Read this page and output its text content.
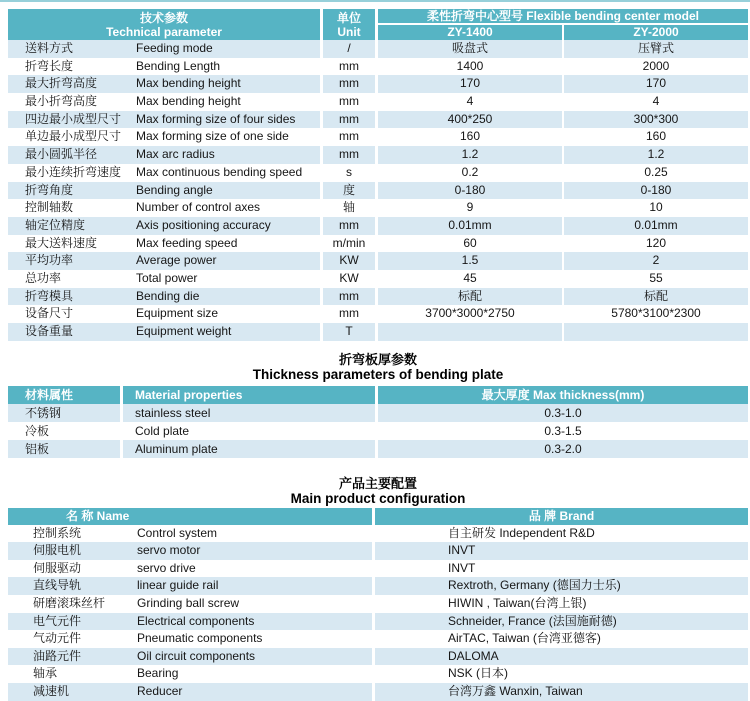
技术参数
Technical parameter
单位
Unit
柔性折弯中心型号 Flexible bending center model
ZY-1400	ZY-2000
送料方式	Feeding mode	/	吸盘式	压臂式
折弯长度	Bending Length	mm	1400	2000
最大折弯高度	Max bending height	mm	170	170
最小折弯高度	Max bending height	mm	4	4
四边最小成型尺寸	Max forming size of four sides	mm	400*250	300*300
单边最小成型尺寸	Max forming size of one side	mm	160	160
最小圆弧半径	Max arc radius	mm	1.2	1.2
最小连续折弯速度	Max continuous bending speed	s	0.2	0.25
折弯角度	Bending angle	度	0-180	0-180
控制轴数	Number of control axes	轴	9	10
轴定位精度	Axis positioning accuracy	mm	0.01mm	0.01mm
最大送料速度	Max feeding speed	m/min	60	120
平均功率	Average power	KW	1.5	2
总功率	Total power	KW	45	55
折弯模具	Bending die	mm	标配	标配
设备尺寸	Equipment size	mm	3700*3000*2750	5780*3100*2300
设备重量	Equipment weight	T
折弯板厚参数
Thickness parameters of bending plate
材料属性	Material properties	最大厚度 Max thickness(mm)
不锈钢	stainless steel	0.3-1.0
冷板	Cold plate	0.3-1.5
铝板	Aluminum plate	0.3-2.0
产品主要配置
Main product configuration
名 称 Name	品 牌 Brand
控制系统	Control system	自主研发 Independent R&D
伺服电机	servo motor	INVT
伺服驱动	servo drive	INVT
直线导轨	linear guide rail	Rextroth, Germany (德国力士乐)
研磨滚珠丝杆	Grinding ball screw	HIWIN , Taiwan(台湾上银)
电气元件	Electrical components	Schneider, France (法国施耐德)
气动元件	Pneumatic components	AirTAC, Taiwan (台湾亚德客)
油路元件	Oil circuit components	DALOMA
轴承	Bearing	NSK (日本)
减速机	Reducer	台湾万鑫 Wanxin, Taiwan
